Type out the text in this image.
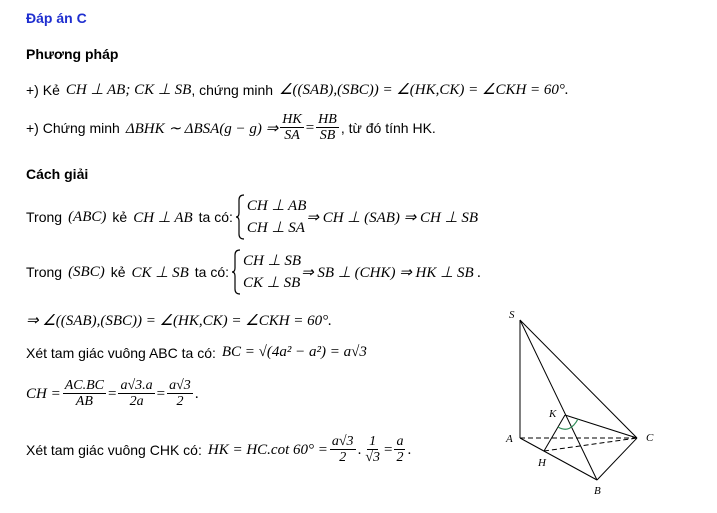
Đáp án C
Phương pháp
+) Kẻ CH ⊥ AB; CK ⊥ SB , chứng minh ∠((SAB),(SBC)) = ∠(HK,CK) = ∠CKH = 60°.
+) Chứng minh ΔBHK ∼ ΔBSA(g − g) ⇒ $\frac{HK}{SA} = \frac{HB}{SB}$ , từ đó tính HK.
Cách giải
Trong (ABC) kẻ CH ⊥ AB ta có:
CH ⊥ AB
CH ⊥ SA
⇒ CH ⊥ (SAB) ⇒ CH ⊥ SB
Trong (SBC) kẻ CK ⊥ SB ta có:
CH ⊥ SB
CK ⊥ SB
⇒ SB ⊥ (CHK) ⇒ HK ⊥ SB .
⇒ ∠((SAB),(SBC)) = ∠(HK,CK) = ∠CKH = 60°.
Xét tam giác vuông ABC ta có: BC = √(4a² − a²) = a√3
CH = $\frac{AC.BC}{AB} = \frac{a√3.a}{2a} = \frac{a√3}{2}$ .
Xét tam giác vuông CHK có: HK = HC.cot $60^\circ = \frac{a√3}{2}$ . $\frac{1}{√3} = \frac{a}{2}$ .
S
A
B
C
H
K
